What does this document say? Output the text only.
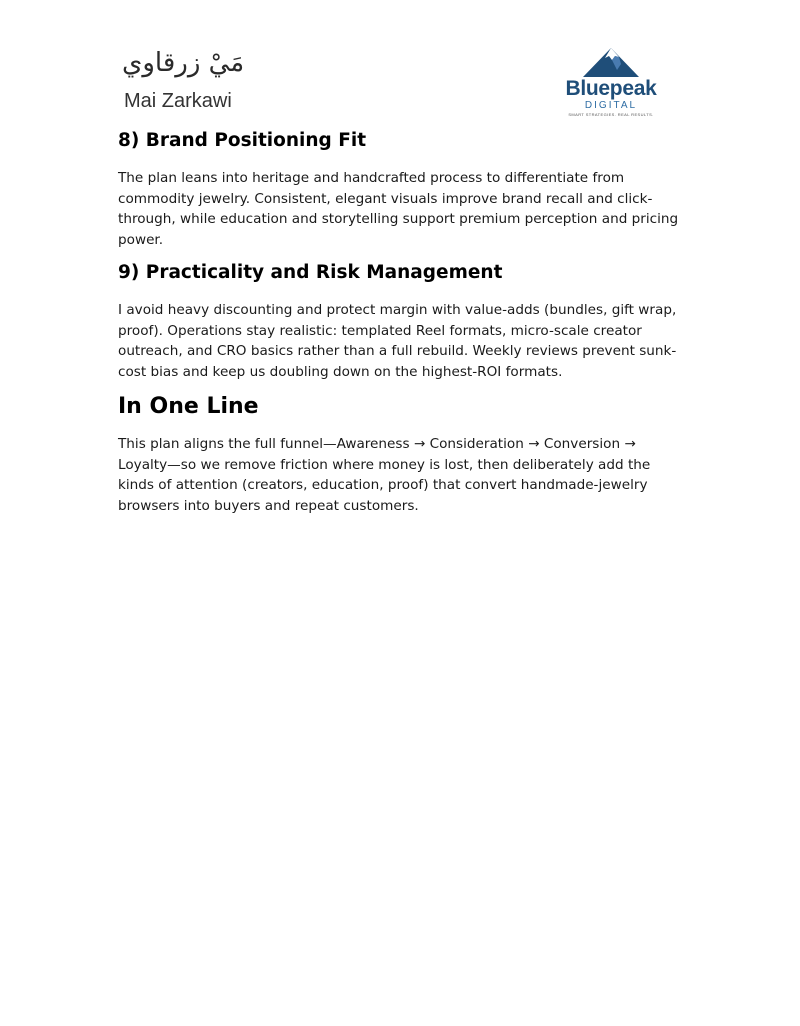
مَيْ زرقاوي
Mai Zarkawi
Bluepeak
DIGITAL
SMART STRATEGIES. REAL RESULTS.
8) Brand Positioning Fit

The plan leans into heritage and handcrafted process to differentiate from commodity jewelry. Consistent, elegant visuals improve brand recall and click-through, while education and storytelling support premium perception and pricing power.

9) Practicality and Risk Management

I avoid heavy discounting and protect margin with value-adds (bundles, gift wrap, proof). Operations stay realistic: templated Reel formats, micro-scale creator outreach, and CRO basics rather than a full rebuild. Weekly reviews prevent sunk-cost bias and keep us doubling down on the highest-ROI formats.

In One Line

This plan aligns the full funnel—Awareness → Consideration → Conversion → Loyalty—so we remove friction where money is lost, then deliberately add the kinds of attention (creators, education, proof) that convert handmade-jewelry browsers into buyers and repeat customers.
